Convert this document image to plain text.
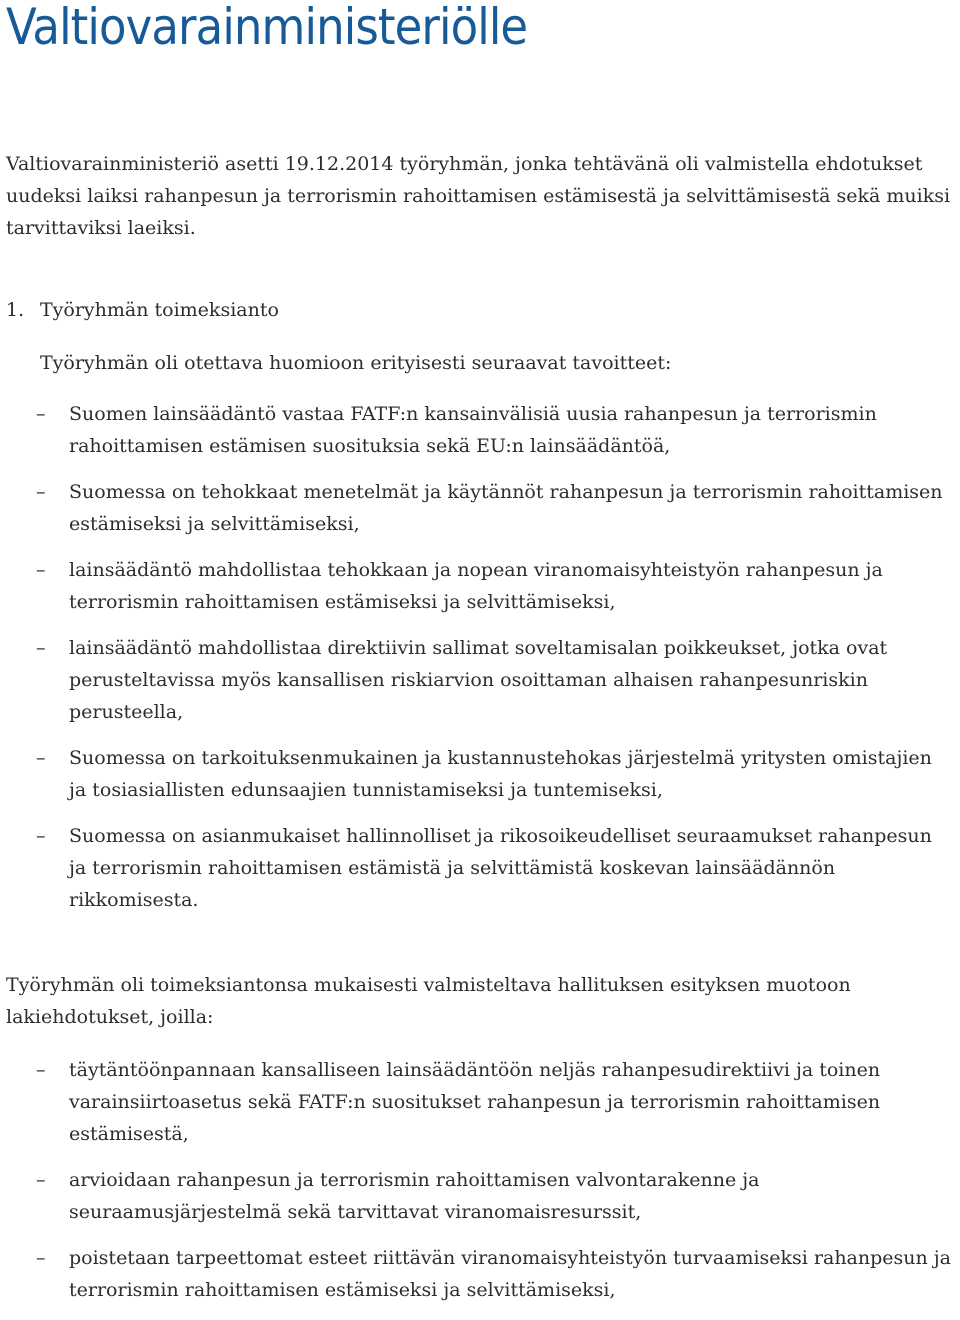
Valtiovarainministeriölle

Valtiovarainministeriö asetti 19.12.2014 työryhmän, jonka tehtävänä oli valmistella ehdotukset uudeksi laiksi rahanpesun ja terrorismin rahoittamisen estämisestä ja selvittämisestä sekä muiksi tarvittaviksi laeiksi.

1. Työryhmän toimeksianto

Työryhmän oli otettava huomioon erityisesti seuraavat tavoitteet:

–	Suomen lainsäädäntö vastaa FATF:n kansainvälisiä uusia rahanpesun ja terrorismin rahoittamisen estämisen suosituksia sekä EU:n lainsäädäntöä,
–	Suomessa on tehokkaat menetelmät ja käytännöt rahanpesun ja terrorismin rahoittamisen estämiseksi ja selvittämiseksi,
–	lainsäädäntö mahdollistaa tehokkaan ja nopean viranomaisyhteistyön rahanpesun ja terrorismin rahoittamisen estämiseksi ja selvittämiseksi,
–	lainsäädäntö mahdollistaa direktiivin sallimat soveltamisalan poikkeukset, jotka ovat perusteltavissa myös kansallisen riskiarvion osoittaman alhaisen rahanpesunriskin perusteella,
–	Suomessa on tarkoituksenmukainen ja kustannustehokas järjestelmä yritysten omistajien ja tosiasiallisten edunsaajien tunnistamiseksi ja tuntemiseksi,
–	Suomessa on asianmukaiset hallinnolliset ja rikosoikeudelliset seuraamukset rahanpesun ja terrorismin rahoittamisen estämistä ja selvittämistä koskevan lainsäädännön rikkomisesta.

Työryhmän oli toimeksiantonsa mukaisesti valmisteltava hallituksen esityksen muotoon lakiehdotukset, joilla:

–	täytäntöönpannaan kansalliseen lainsäädäntöön neljäs rahanpesudirektiivi ja toinen varainsiirtoasetus sekä FATF:n suositukset rahanpesun ja terrorismin rahoittamisen estämisestä,
–	arvioidaan rahanpesun ja terrorismin rahoittamisen valvontarakenne ja seuraamusjärjestelmä sekä tarvittavat viranomaisresurssit,
–	poistetaan tarpeettomat esteet riittävän viranomaisyhteistyön turvaamiseksi rahanpesun ja terrorismin rahoittamisen estämiseksi ja selvittämiseksi,
